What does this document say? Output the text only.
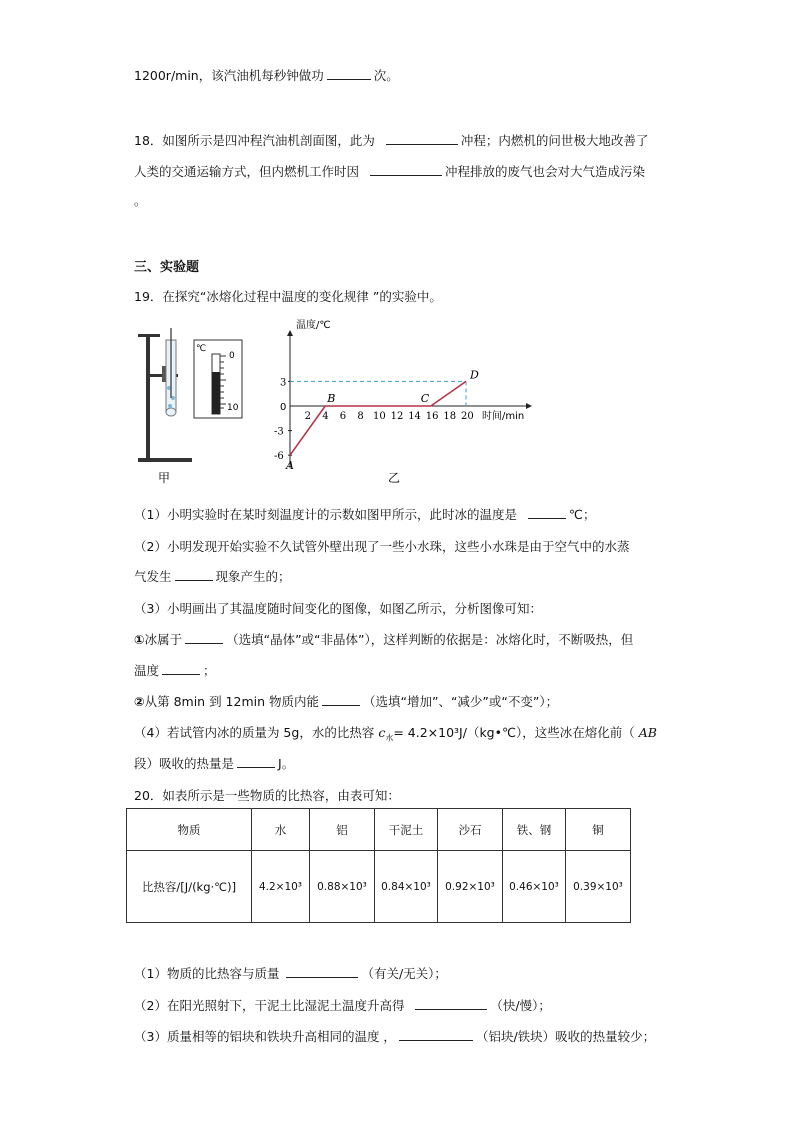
1200r/min，该汽油机每秒钟做功	次。
18．如图所示是四冲程汽油机剖面图，此为	冲程；内燃机的问世极大地改善了
人类的交通运输方式，但内燃机工作时因	冲程排放的废气也会对大气造成污染
。
三、实验题
19．在探究“冰熔化过程中温度的变化规律 ”的实验中。
℃
0
10
甲
温度/℃
时间/min
0
2 4 6 8 10 12 14 16 18 20
3
-3
-6
A
B	C
D
乙
（1）小明实验时在某时刻温度计的示数如图甲所示，此时冰的温度是	℃；
（2）小明发现开始实验不久试管外壁出现了一些小水珠，这些小水珠是由于空气中的水蒸
气发生	现象产生的；
（3）小明画出了其温度随时间变化的图像，如图乙所示，分析图像可知：
①冰属于	（选填“晶体”或“非晶体”），这样判断的依据是：冰熔化时，不断吸热，但
温度	；
②从第 8min 到 12min 物质内能	（选填“增加”、“减少”或“不变”）；
（4）若试管内冰的质量为 5g，水的比热容 $c_水=$ 4.2×10³J/（kg•℃），这些冰在熔化前（ AB
段）吸收的热量是	J。
20．如表所示是一些物质的比热容，由表可知：
物质	水	铝	干泥土	沙石	铁、钢	铜
比热容/[J/(kg·℃)]	4.2×10³	0.88×10³	0.84×10³	0.92×10³	0.46×10³	0.39×10³
（1）物质的比热容与质量	（有关/无关）；
（2）在阳光照射下，干泥土比湿泥土温度升高得	（快/慢）；
（3）质量相等的铝块和铁块升高相同的温度 ，	（铝块/铁块）吸收的热量较少；
